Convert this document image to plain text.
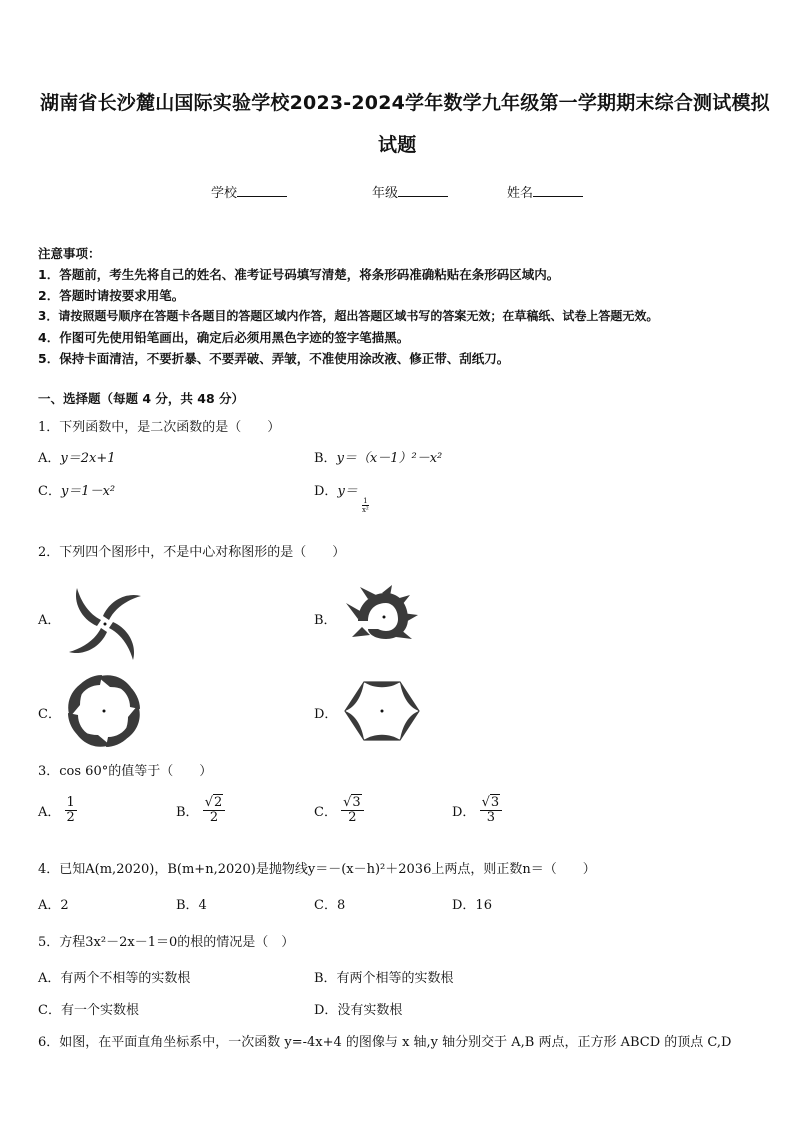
湖南省长沙麓山国际实验学校2023-2024学年数学九年级第一学期期末综合测试模拟
试题
学校	年级	姓名
注意事项：
1．答题前，考生先将自己的姓名、准考证号码填写清楚，将条形码准确粘贴在条形码区域内。
2．答题时请按要求用笔。
3．请按照题号顺序在答题卡各题目的答题区域内作答，超出答题区域书写的答案无效；在草稿纸、试卷上答题无效。
4．作图可先使用铅笔画出，确定后必须用黑色字迹的签字笔描黑。
5．保持卡面清洁，不要折暴、不要弄破、弄皱，不准使用涂改液、修正带、刮纸刀。
一、选择题（每题 4 分，共 48 分）
1．下列函数中，是二次函数的是（　　）
A．y＝2x+1	B．y＝（x－1）²－x²
C．y＝1－x²	D．y＝
$\frac{1}{\text{x²}}$
2．下列四个图形中，不是中心对称图形的是（　　）
A．	B．
C．	D．
3．cos 60°的值等于（　　）
A． $\frac{1}{2}$	B． $\frac{√2}{2}$	C． $\frac{√3}{2}$	D． $\frac{√3}{3}$
4．已知A(m,2020)，B(m+n,2020)是抛物线y＝－(x－h)²＋2036上两点，则正数n＝（　　）
A．2	B．4	C．8	D．16
5．方程3x²－2x－1＝0的根的情况是（　）
A．有两个不相等的实数根	B．有两个相等的实数根
C．有一个实数根	D．没有实数根
6．如图，在平面直角坐标系中，一次函数 y=-4x+4 的图像与 x 轴,y 轴分别交于 A,B 两点，正方形 ABCD 的顶点 C,D
